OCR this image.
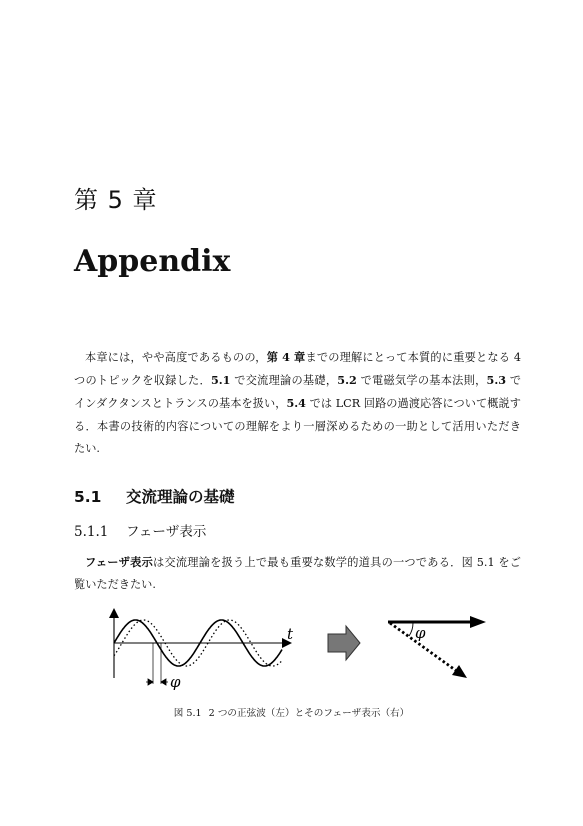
第 5 章
Appendix

本章には，やや高度であるものの，第 4 章までの理解にとって本質的に重要となる 4 つのトピックを収録した．5.1 で交流理論の基礎，5.2 で電磁気学の基本法則，5.3 でインダクタンスとトランスの基本を扱い，5.4 では LCR 回路の過渡応答について概説する．本書の技術的内容についての理解をより一層深めるための一助として活用いただきたい.

5.1 交流理論の基礎
5.1.1 フェーザ表示

フェーザ表示は交流理論を扱う上で最も重要な数学的道具の一つである．図 5.1 をご覧いただきたい.

t
φ
φ
図 5.1 2 つの正弦波（左）とそのフェーザ表示（右）
